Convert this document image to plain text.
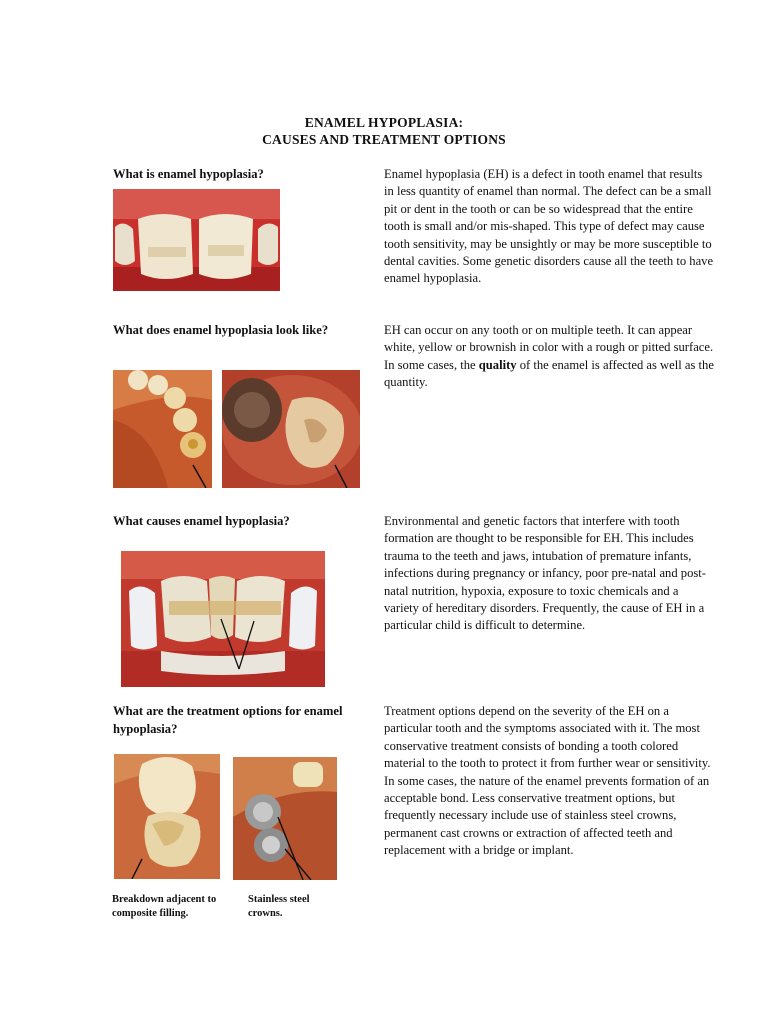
ENAMEL HYPOPLASIA:
CAUSES AND TREATMENT OPTIONS
What is enamel hypoplasia?	Enamel hypoplasia (EH) is a defect in tooth enamel that results in less quantity of enamel than normal. The defect can be a small pit or dent in the tooth or can be so widespread that the entire tooth is small and/or mis-shaped. This type of defect may cause tooth sensitivity, may be unsightly or may be more susceptible to dental cavities. Some genetic disorders cause all the teeth to have enamel hypoplasia.
What does enamel hypoplasia look like?	EH can occur on any tooth or on multiple teeth. It can appear white, yellow or brownish in color with a rough or pitted surface. In some cases, the quality of the enamel is affected as well as the quantity.
What causes enamel hypoplasia?	Environmental and genetic factors that interfere with tooth formation are thought to be responsible for EH. This includes trauma to the teeth and jaws, intubation of premature infants, infections during pregnancy or infancy, poor pre-natal and post-natal nutrition, hypoxia, exposure to toxic chemicals and a variety of hereditary disorders. Frequently, the cause of EH in a particular child is difficult to determine.
What are the treatment options for enamel hypoplasia?
Treatment options depend on the severity of the EH on a particular tooth and the symptoms associated with it. The most conservative treatment consists of bonding a tooth colored material to the tooth to protect it from further wear or sensitivity. In some cases, the nature of the enamel prevents formation of an acceptable bond. Less conservative treatment options, but frequently necessary include use of stainless steel crowns, permanent cast crowns or extraction of affected teeth and replacement with a bridge or implant.
Breakdown adjacent to composite filling.
Stainless steel crowns.
